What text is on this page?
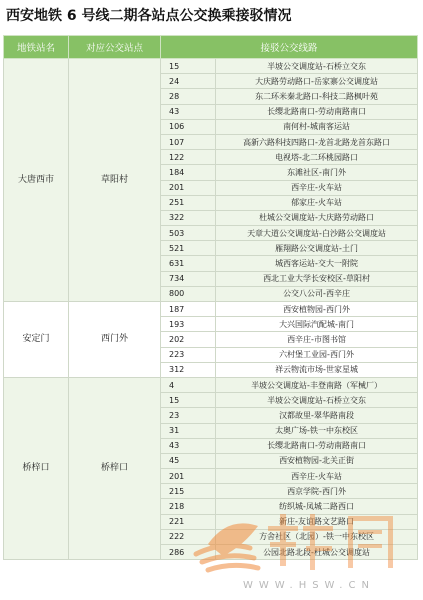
西安地铁 6 号线二期各站点公交换乘接驳情况
地铁站名	对应公交站点	接驳公交线路	
大唐西市	草阳村	15	半坡公交调度站-石桥立交东
		24	大庆路劳动路口-岳家寨公交调度站
		28	东二环米秦北路口-科技二路枫叶苑
		43	长缨北路南口-劳动南路南口
		106	南何村-城南客运站
		107	高新六路科技四路口-龙首北路龙首东路口
		122	电视塔-北二环桃园路口
		184	东滩社区-南门外
		201	西辛庄-火车站
		251	郁家庄-火车站
		322	杜城公交调度站-大庆路劳动路口
		503	天章大道公交调度站-白沙路公交调度站
		521	雁翔路公交调度站-土门
		631	城西客运站-交大一附院
		734	西北工业大学长安校区-草阳村
		800	公交八公司-西辛庄
安定门	西门外	187	西安植物园-西门外
		193	大兴国际汽配城-南门
		202	西辛庄-市图书馆
		223	六村堡工业园-西门外
		312	祥云物流市场-世家星城
桥梓口	桥梓口	4	半坡公交调度站-丰登南路（军械厂）
		15	半坡公交调度站-石桥立交东
		23	汉都故里-翠华路南段
		31	太奥广场-铁一中东校区
		43	长缨北路南口-劳动南路南口
		45	西安植物园-北关正街
		201	西辛庄-火车站
		215	西京学院-西门外
		218	纺织城-凤城二路西口
		221	新庄-友谊路文艺路口
		222	方舍社区（北园）-铁一中东校区
		286	公园北路北段-杜城公交调度站
WWW.HSW.CN
